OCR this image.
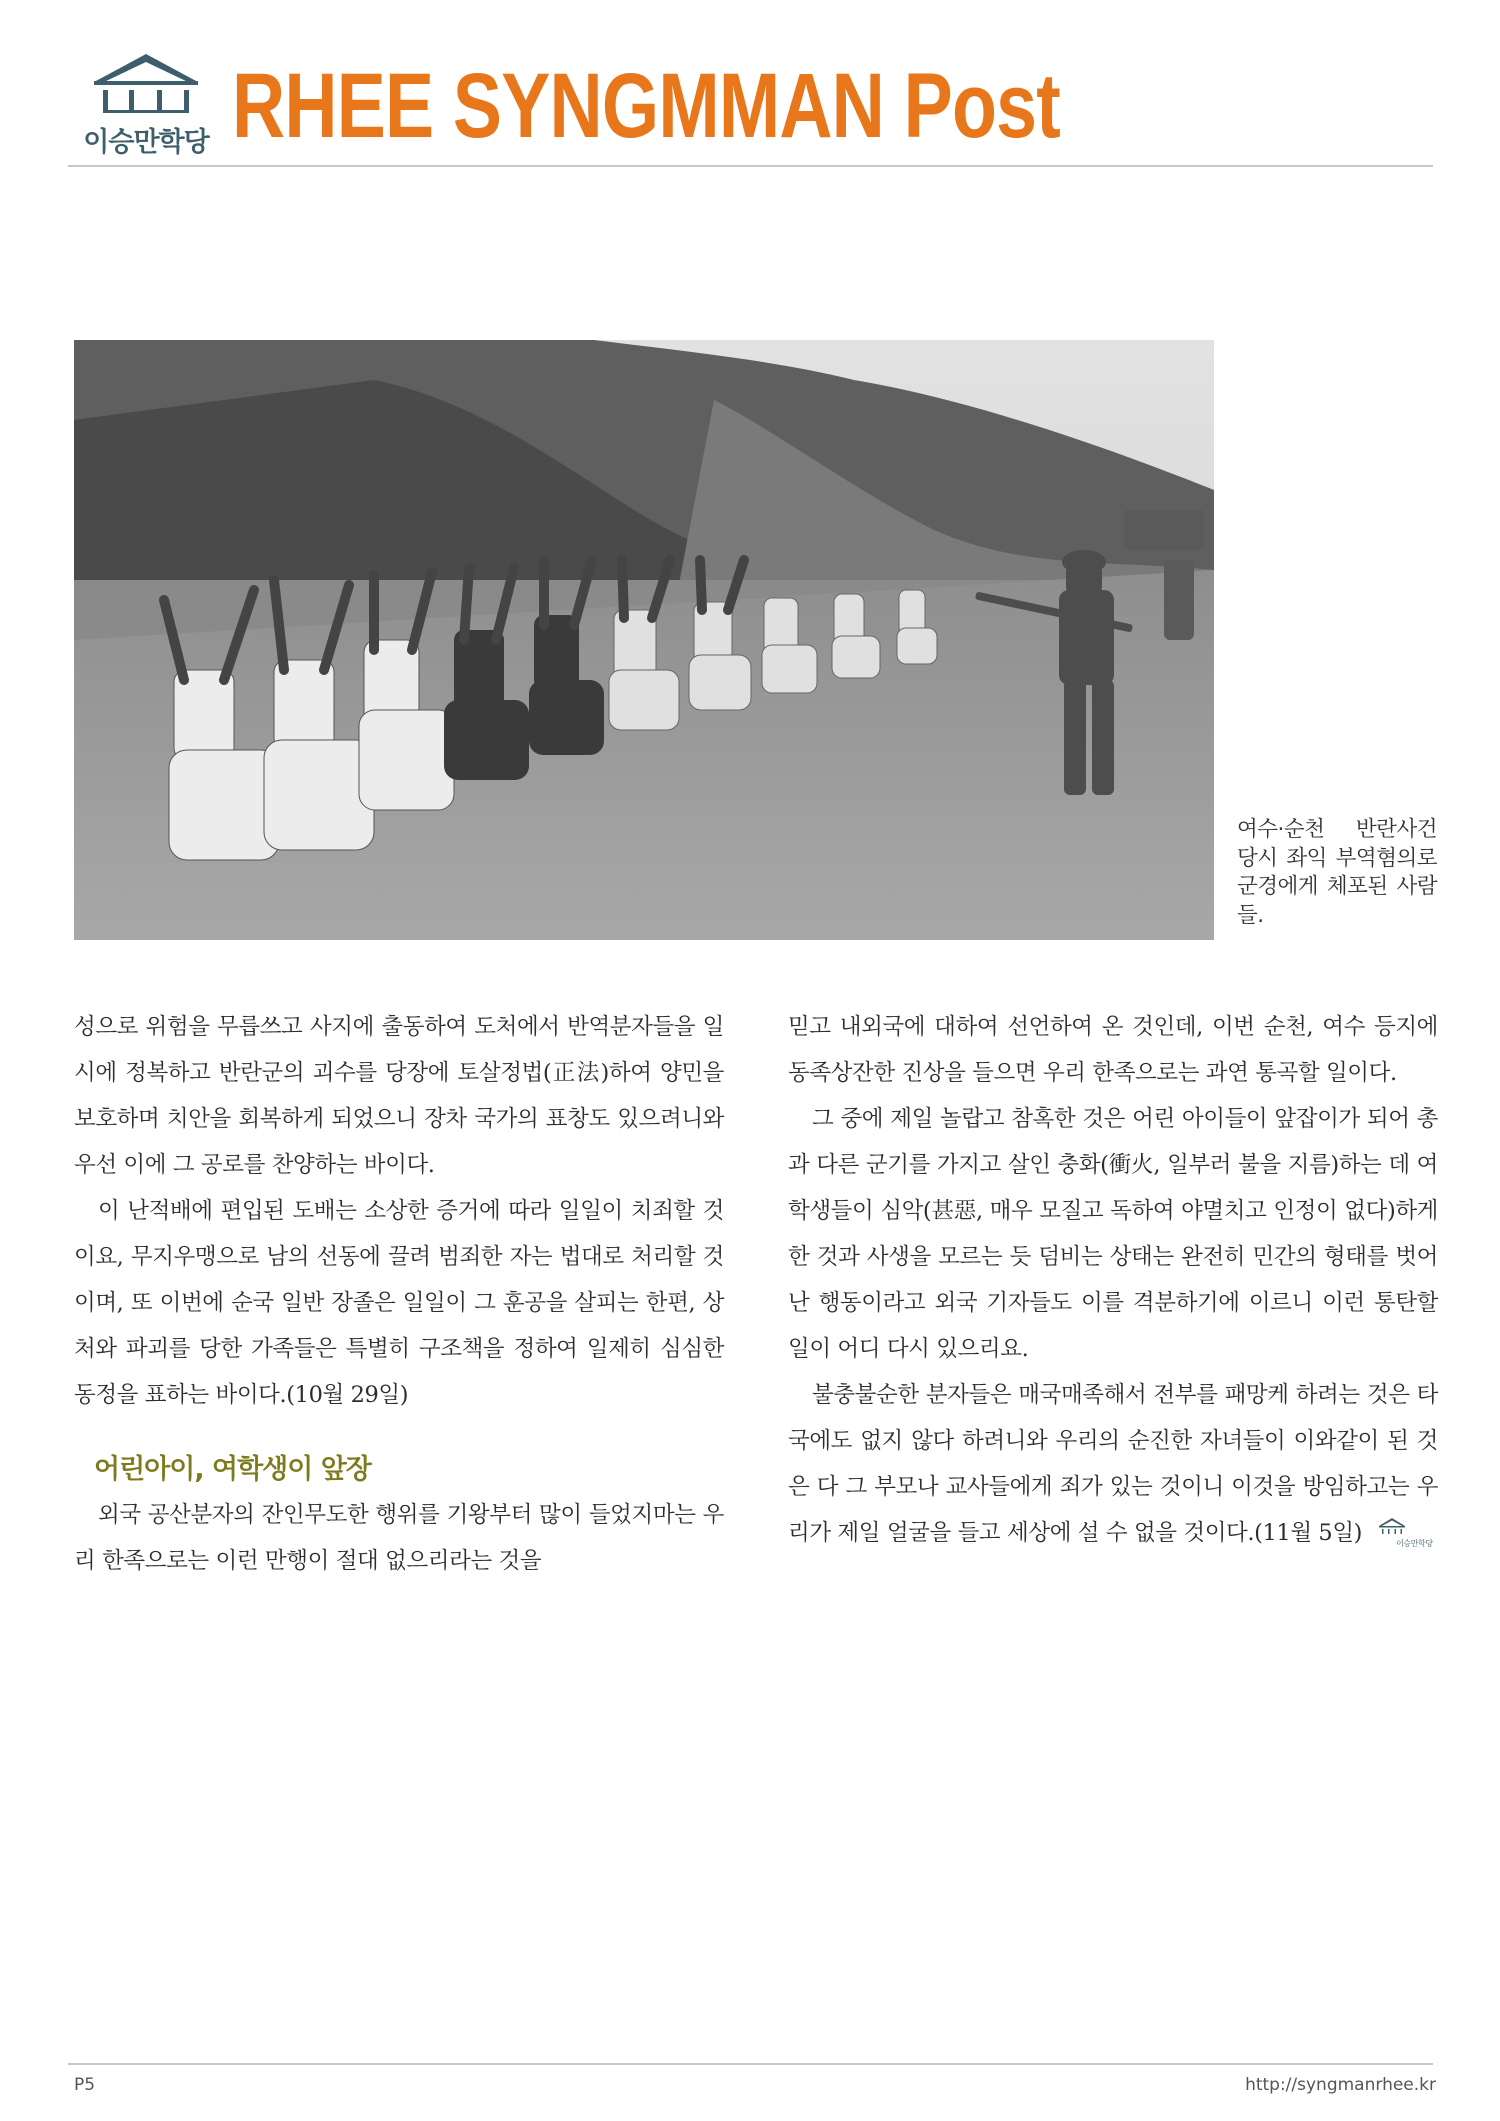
이승만학당 RHEE SYNGMMAN Post
여수·순천 반란사건 당시 좌익 부역혐의로 군경에게 체포된 사람들.

성으로 위험을 무릅쓰고 사지에 출동하여 도처에서 반역분자들을 일시에 정복하고 반란군의 괴수를 당장에 토살정법(正法)하여 양민을 보호하며 치안을 회복하게 되었으니 장차 국가의 표창도 있으려니와 우선 이에 그 공로를 찬양하는 바이다.

이 난적배에 편입된 도배는 소상한 증거에 따라 일일이 치죄할 것이요, 무지우맹으로 남의 선동에 끌려 범죄한 자는 법대로 처리할 것이며, 또 이번에 순국 일반 장졸은 일일이 그 훈공을 살피는 한편, 상처와 파괴를 당한 가족들은 특별히 구조책을 정하여 일제히 심심한 동정을 표하는 바이다.(10월 29일)

어린아이, 여학생이 앞장

외국 공산분자의 잔인무도한 행위를 기왕부터 많이 들었지마는 우리 한족으로는 이런 만행이 절대 없으리라는 것을

믿고 내외국에 대하여 선언하여 온 것인데, 이번 순천, 여수 등지에 동족상잔한 진상을 들으면 우리 한족으로는 과연 통곡할 일이다.

그 중에 제일 놀랍고 참혹한 것은 어린 아이들이 앞잡이가 되어 총과 다른 군기를 가지고 살인 충화(衝火, 일부러 불을 지름)하는 데 여학생들이 심악(甚惡, 매우 모질고 독하여 야멸치고 인정이 없다)하게 한 것과 사생을 모르는 듯 덤비는 상태는 완전히 민간의 형태를 벗어난 행동이라고 외국 기자들도 이를 격분하기에 이르니 이런 통탄할 일이 어디 다시 있으리요.

불충불순한 분자들은 매국매족해서 전부를 패망케 하려는 것은 타국에도 없지 않다 하려니와 우리의 순진한 자녀들이 이와같이 된 것은 다 그 부모나 교사들에게 죄가 있는 것이니 이것을 방임하고는 우리가 제일 얼굴을 들고 세상에 설 수 없을 것이다.(11월 5일)	이승만학당

P5	http://syngmanrhee.kr
